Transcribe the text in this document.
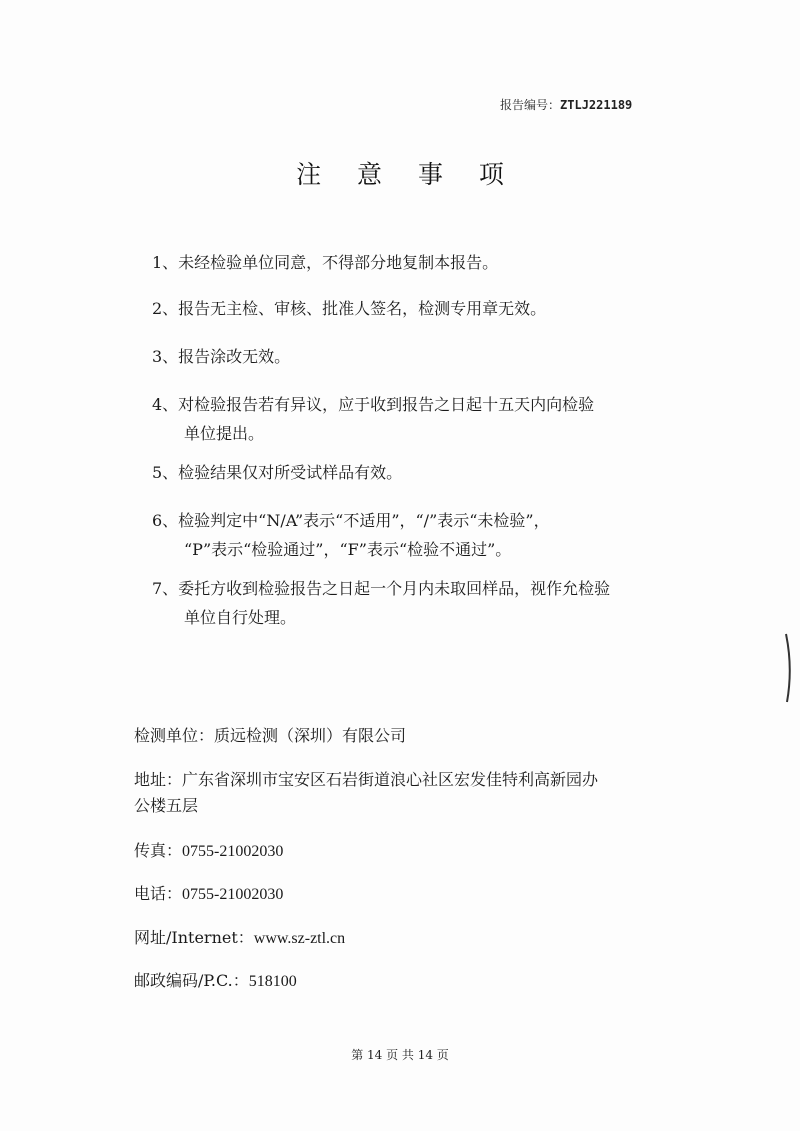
报告编号：ZTLJ221189
注 意 事 项
1、未经检验单位同意，不得部分地复制本报告。
2、报告无主检、审核、批准人签名，检测专用章无效。
3、报告涂改无效。
4、对检验报告若有异议，应于收到报告之日起十五天内向检验
单位提出。
5、检验结果仅对所受试样品有效。
6、检验判定中“N/A”表示“不适用”，“/”表示“未检验”，
“P”表示“检验通过”，“F”表示“检验不通过”。
7、委托方收到检验报告之日起一个月内未取回样品，视作允检验
单位自行处理。
检测单位：质远检测（深圳）有限公司
地址：广东省深圳市宝安区石岩街道浪心社区宏发佳特利高新园办
公楼五层
传真：0755-21002030
电话：0755-21002030
网址/Internet：www.sz-ztl.cn
邮政编码/P.C.：518100
第 14 页 共 14 页
